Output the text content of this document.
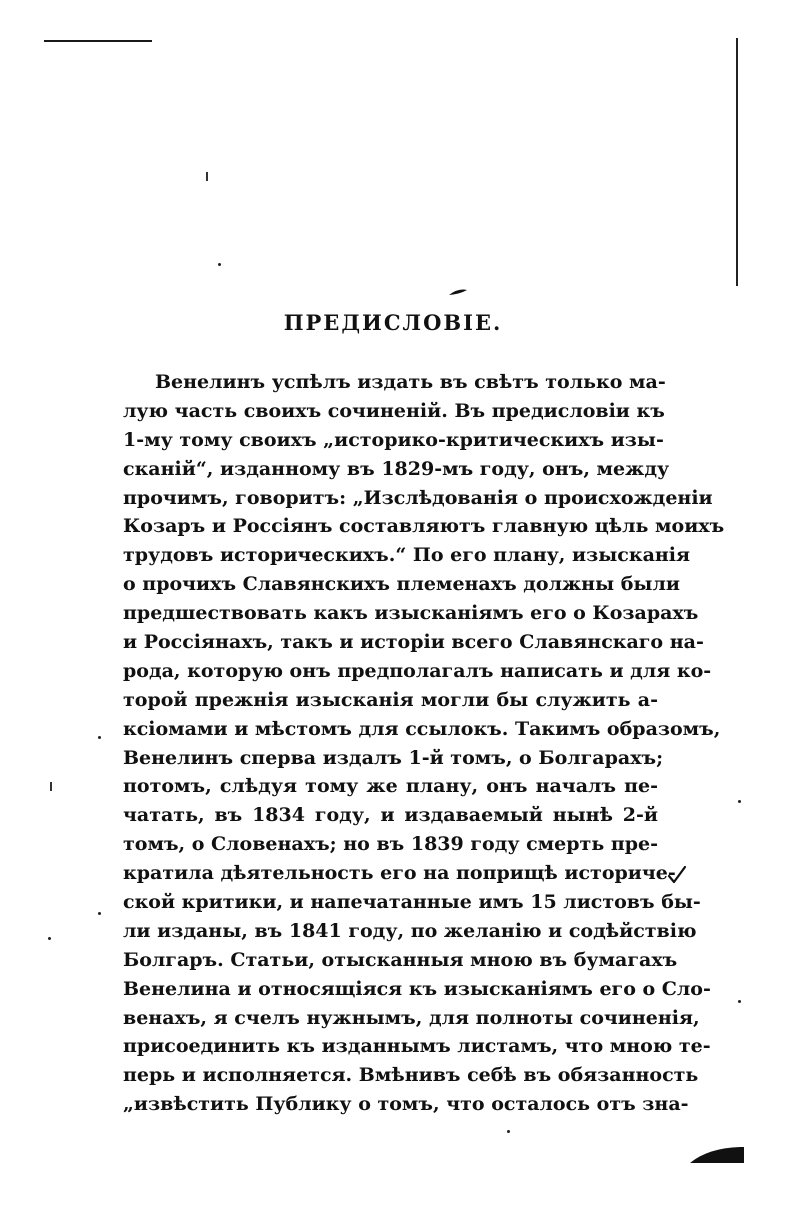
ПРЕДИСЛОВІЕ.
Венелинъ успѣлъ издать въ свѣтъ только ма-
лую часть своихъ сочиненій. Въ предисловіи къ
1-му тому своихъ „историко-критическихъ изы-
сканій“, изданному въ 1829-мъ году, онъ, между
прочимъ, говоритъ: „Изслѣдованія о происхожденіи
Козаръ и Россіянъ составляютъ главную цѣль моихъ
трудовъ историческихъ.“ По его плану, изысканія
о прочихъ Славянскихъ племенахъ должны были
предшествовать какъ изысканіямъ его о Козарахъ
и Россіянахъ, такъ и исторіи всего Славянскаго на-
рода, которую онъ предполагалъ написать и для ко-
торой прежнія изысканія могли бы служить а-
ксіомами и мѣстомъ для ссылокъ. Такимъ образомъ,
Венелинъ сперва издалъ 1-й томъ, о Болгарахъ;
потомъ, слѣдуя тому же плану, онъ началъ пе-
чатать, въ 1834 году, и издаваемый нынѣ 2-й
томъ, о Словенахъ; но въ 1839 году смерть пре-
кратила дѣятельность его на поприщѣ историче-
ской критики, и напечатанные имъ 15 листовъ бы-
ли изданы, въ 1841 году, по желанію и содѣйствію
Болгаръ. Статьи, отысканныя мною въ бумагахъ
Венелина и относящіяся къ изысканіямъ его о Сло-
венахъ, я счелъ нужнымъ, для полноты сочиненія,
присоединить къ изданнымъ листамъ, что мною те-
перь и исполняется. Вмѣнивъ себѣ въ обязанность
„извѣстить Публику о томъ, что осталось отъ зна-
